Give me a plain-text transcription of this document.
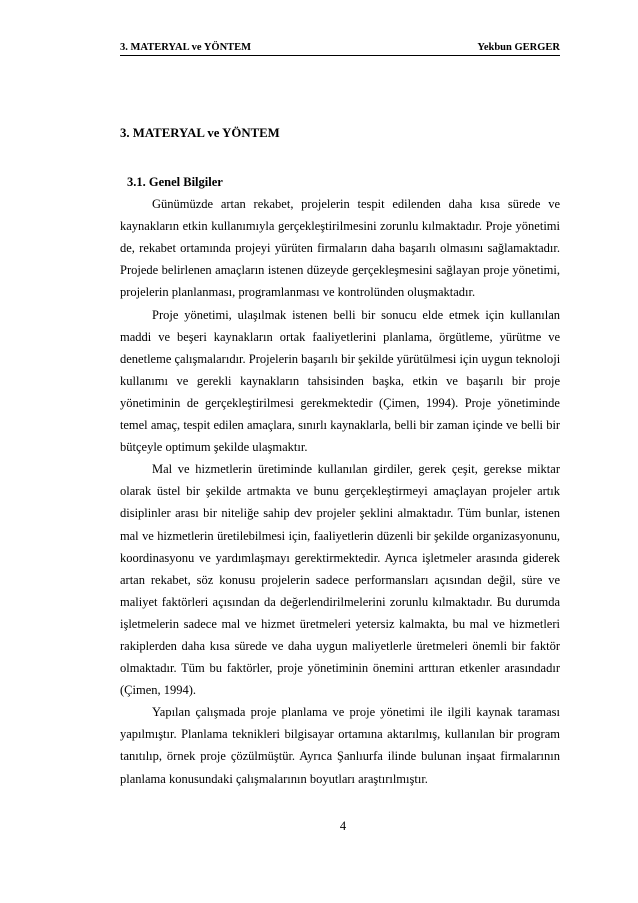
3. MATERYAL ve YÖNTEM	Yekbun GERGER
3. MATERYAL ve YÖNTEM
3.1. Genel Bilgiler
Günümüzde artan rekabet, projelerin tespit edilenden daha kısa sürede ve
kaynakların etkin kullanımıyla gerçekleştirilmesini zorunlu kılmaktadır. Proje yönetimi
de, rekabet ortamında projeyi yürüten firmaların daha başarılı olmasını sağlamaktadır.
Projede belirlenen amaçların istenen düzeyde gerçekleşmesini sağlayan proje yönetimi,
projelerin planlanması, programlanması ve kontrolünden oluşmaktadır.
Proje yönetimi, ulaşılmak istenen belli bir sonucu elde etmek için kullanılan
maddi ve beşeri kaynakların ortak faaliyetlerini planlama, örgütleme, yürütme ve
denetleme çalışmalarıdır. Projelerin başarılı bir şekilde yürütülmesi için uygun teknoloji
kullanımı ve gerekli kaynakların tahsisinden başka, etkin ve başarılı bir proje
yönetiminin de gerçekleştirilmesi gerekmektedir (Çimen, 1994). Proje yönetiminde
temel amaç, tespit edilen amaçlara, sınırlı kaynaklarla, belli bir zaman içinde ve belli bir
bütçeyle optimum şekilde ulaşmaktır.
Mal ve hizmetlerin üretiminde kullanılan girdiler, gerek çeşit, gerekse miktar
olarak üstel bir şekilde artmakta ve bunu gerçekleştirmeyi amaçlayan projeler artık
disiplinler arası bir niteliğe sahip dev projeler şeklini almaktadır. Tüm bunlar, istenen
mal ve hizmetlerin üretilebilmesi için, faaliyetlerin düzenli bir şekilde organizasyonunu,
koordinasyonu ve yardımlaşmayı gerektirmektedir. Ayrıca işletmeler arasında giderek
artan rekabet, söz konusu projelerin sadece performansları açısından değil, süre ve
maliyet faktörleri açısından da değerlendirilmelerini zorunlu kılmaktadır. Bu durumda
işletmelerin sadece mal ve hizmet üretmeleri yetersiz kalmakta, bu mal ve hizmetleri
rakiplerden daha kısa sürede ve daha uygun maliyetlerle üretmeleri önemli bir faktör
olmaktadır. Tüm bu faktörler, proje yönetiminin önemini arttıran etkenler arasındadır
(Çimen, 1994).
Yapılan çalışmada proje planlama ve proje yönetimi ile ilgili kaynak taraması
yapılmıştır. Planlama teknikleri bilgisayar ortamına aktarılmış, kullanılan bir program
tanıtılıp, örnek proje çözülmüştür. Ayrıca Şanlıurfa ilinde bulunan inşaat firmalarının
planlama konusundaki çalışmalarının boyutları araştırılmıştır.
4
